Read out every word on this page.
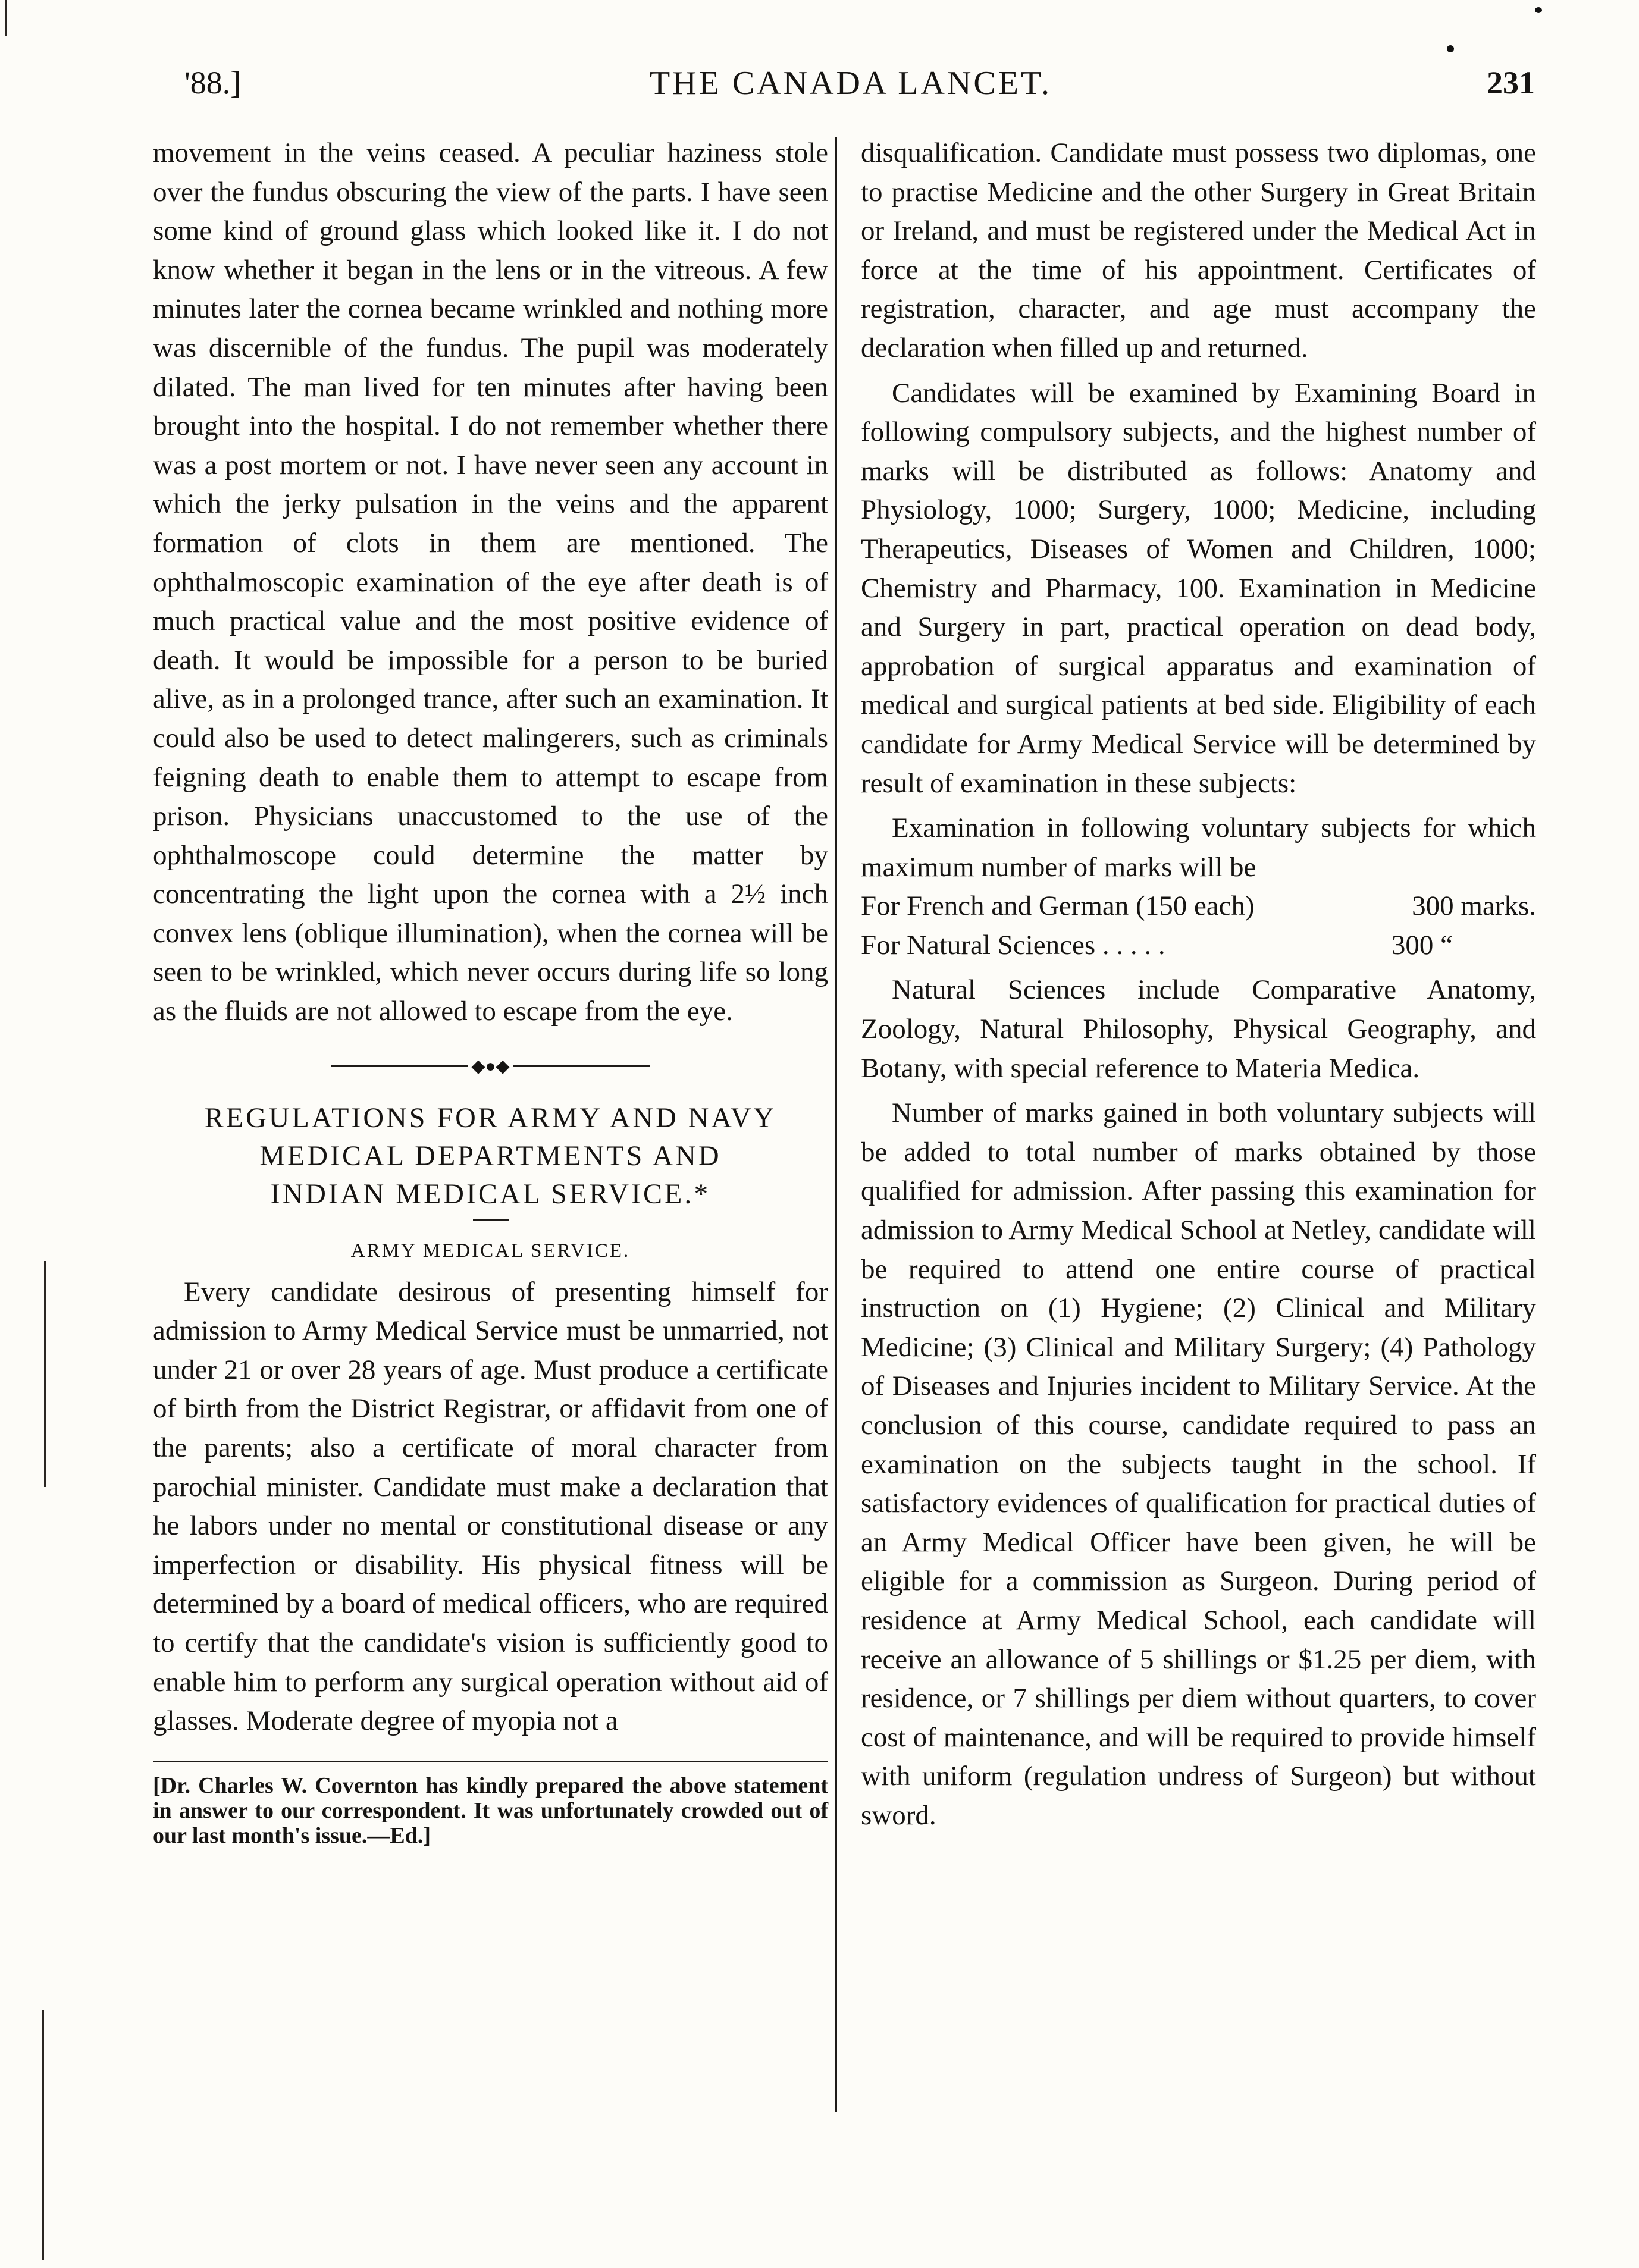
'88.]	THE CANADA LANCET.	231

movement in the veins ceased. A peculiar haziness stole over the fundus obscuring the view of the parts. I have seen some kind of ground glass which looked like it. I do not know whether it began in the lens or in the vitreous. A few minutes later the cornea became wrinkled and nothing more was discernible of the fundus. The pupil was moderately dilated. The man lived for ten minutes after having been brought into the hospital. I do not remember whether there was a post mortem or not. I have never seen any account in which the jerky pulsation in the veins and the apparent formation of clots in them are mentioned. The ophthalmoscopic examination of the eye after death is of much practical value and the most positive evidence of death. It would be impossible for a person to be buried alive, as in a prolonged trance, after such an examination. It could also be used to detect malingerers, such as criminals feigning death to enable them to attempt to escape from prison. Physicians unaccustomed to the use of the ophthalmoscope could determine the matter by concentrating the light upon the cornea with a 2½ inch convex lens (oblique illumination), when the cornea will be seen to be wrinkled, which never occurs during life so long as the fluids are not allowed to escape from the eye.

◆●◆
REGULATIONS FOR ARMY AND NAVY
MEDICAL DEPARTMENTS AND
INDIAN MEDICAL SERVICE.*
ARMY MEDICAL SERVICE.

Every candidate desirous of presenting himself for admission to Army Medical Service must be unmarried, not under 21 or over 28 years of age. Must produce a certificate of birth from the District Registrar, or affidavit from one of the parents; also a certificate of moral character from parochial minister. Candidate must make a declaration that he labors under no mental or constitutional disease or any imperfection or disability. His physical fitness will be determined by a board of medical officers, who are required to certify that the candidate's vision is sufficiently good to enable him to perform any surgical operation without aid of glasses. Moderate degree of myopia not a

[Dr. Charles W. Covernton has kindly prepared the above statement in answer to our correspondent. It was unfortunately crowded out of our last month's issue.—Ed.]

disqualification. Candidate must possess two diplomas, one to practise Medicine and the other Surgery in Great Britain or Ireland, and must be registered under the Medical Act in force at the time of his appointment. Certificates of registration, character, and age must accompany the declaration when filled up and returned.

Candidates will be examined by Examining Board in following compulsory subjects, and the highest number of marks will be distributed as follows: Anatomy and Physiology, 1000; Surgery, 1000; Medicine, including Therapeutics, Diseases of Women and Children, 1000; Chemistry and Pharmacy, 100. Examination in Medicine and Surgery in part, practical operation on dead body, approbation of surgical apparatus and examination of medical and surgical patients at bed side. Eligibility of each candidate for Army Medical Service will be determined by result of examination in these subjects:

Examination in following voluntary subjects for which maximum number of marks will be

For French and German (150 each)	300 marks.
For Natural Sciences . . . . .	300 “

Natural Sciences include Comparative Anatomy, Zoology, Natural Philosophy, Physical Geography, and Botany, with special reference to Materia Medica.

Number of marks gained in both voluntary subjects will be added to total number of marks obtained by those qualified for admission. After passing this examination for admission to Army Medical School at Netley, candidate will be required to attend one entire course of practical instruction on (1) Hygiene; (2) Clinical and Military Medicine; (3) Clinical and Military Surgery; (4) Pathology of Diseases and Injuries incident to Military Service. At the conclusion of this course, candidate required to pass an examination on the subjects taught in the school. If satisfactory evidences of qualification for practical duties of an Army Medical Officer have been given, he will be eligible for a commission as Surgeon. During period of residence at Army Medical School, each candidate will receive an allowance of 5 shillings or $1.25 per diem, with residence, or 7 shillings per diem without quarters, to cover cost of maintenance, and will be required to provide himself with uniform (regulation undress of Surgeon) but without sword.
